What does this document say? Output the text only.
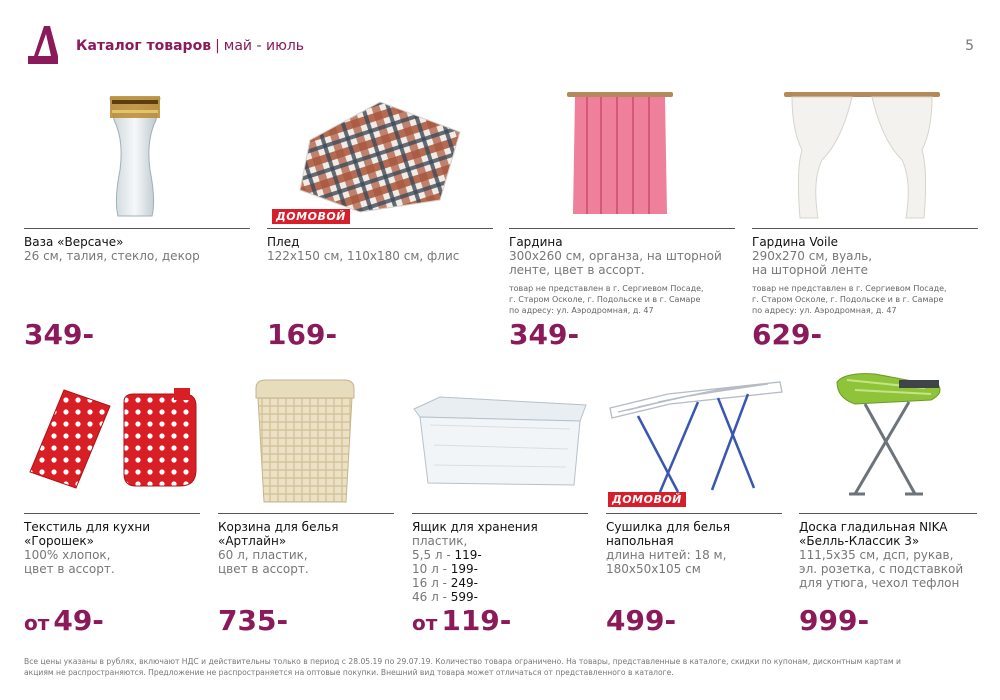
Каталог товаров | май - июль	5
ДОМОВОЙ
Ваза «Версаче»
26 см, талия, стекло, декор
349-
Плед
122х150 см, 110х180 см, флис
169-
Гардина
300х260 см, органза, на шторной
ленте, цвет в ассорт.
товар не представлен в г. Сергиевом Посаде,
г. Старом Осколе, г. Подольске и в г. Самаре
по адресу: ул. Аэродромная, д. 47
349-
Гардина Voile
290х270 см, вуаль,
на шторной ленте
товар не представлен в г. Сергиевом Посаде,
г. Старом Осколе, г. Подольске и в г. Самаре
по адресу: ул. Аэродромная, д. 47
629-
ДОМОВОЙ
Текстиль для кухни
«Горошек»
100% хлопок,
цвет в ассорт.
от 49-
Корзина для белья
«Артлайн»
60 л, пластик,
цвет в ассорт.
735-
Ящик для хранения
пластик,
5,5 л - 119-
10 л - 199-
16 л - 249-
46 л - 599-
от 119-
Сушилка для белья
напольная
длина нитей: 18 м,
180х50х105 см
499-
Доска гладильная NIKA
«Белль-Классик 3»
111,5х35 см, дсп, рукав,
эл. розетка, с подставкой
для утюга, чехол тефлон
999-
Все цены указаны в рублях, включают НДС и действительны только в период с 28.05.19 по 29.07.19. Количество товара ограничено. На товары, представленные в каталоге, скидки по купонам, дисконтным картам и
акциям не распространяются. Предложение не распространяется на оптовые покупки. Внешний вид товара может отличаться от представленного в каталоге.
